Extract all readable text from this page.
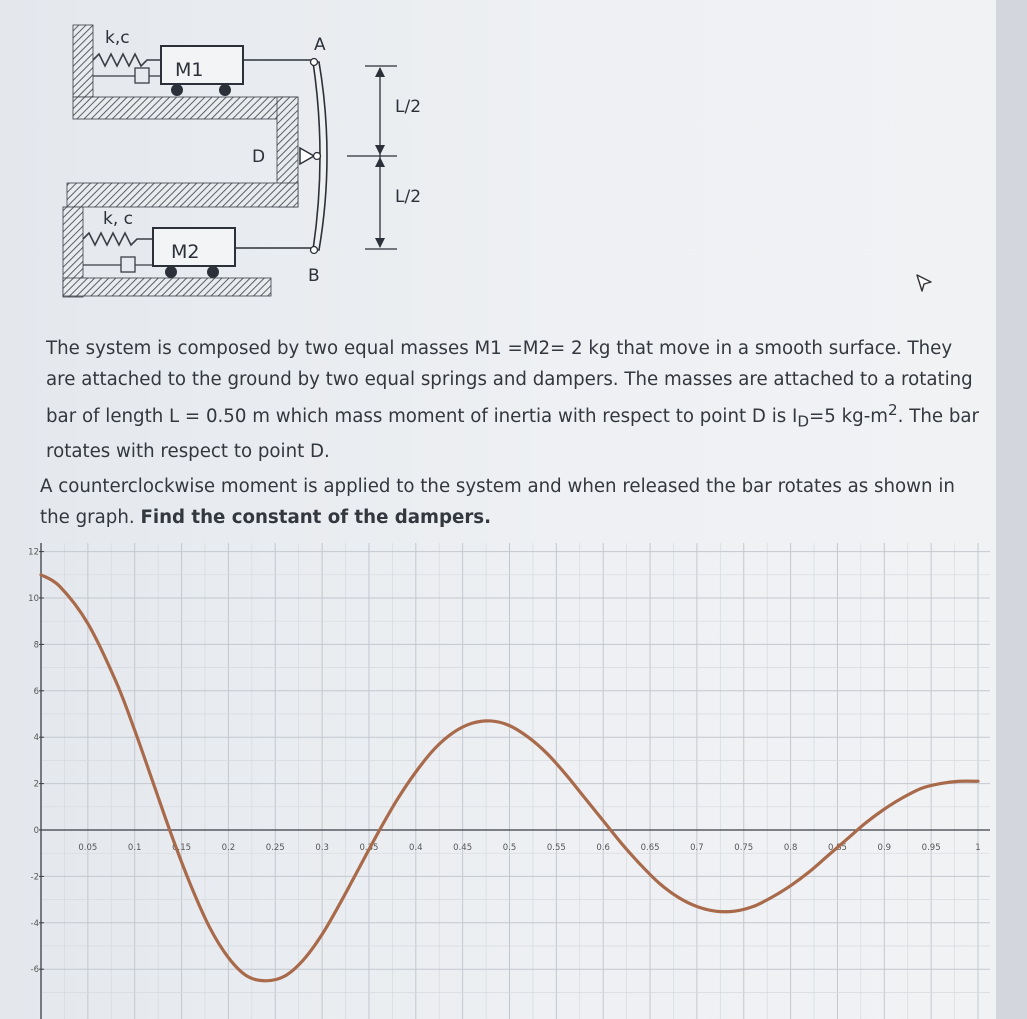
k,c
M1
k, c
M2
A
B
D
L/2
L/2

The system is composed by two equal masses M1 =M2= 2 kg that move in a smooth surface. They are attached to the ground by two equal springs and dampers. The masses are attached to a rotating bar of length L = 0.50 m which mass moment of inertia with respect to point D is $I_D=5$ $kg-m^2$. The bar rotates with respect to point D.

A counterclockwise moment is applied to the system and when released the bar rotates as shown in the graph. Find the constant of the dampers.

0.05	0.1	0.15	0.2	0.25	0.3	0.35	0.4	0.45	0.5	0.55	0.6	0.65	0.7	0.75	0.8	0.85	0.9	0.95	1
12
10
8
6
4
2
0
-2
-4
-6
